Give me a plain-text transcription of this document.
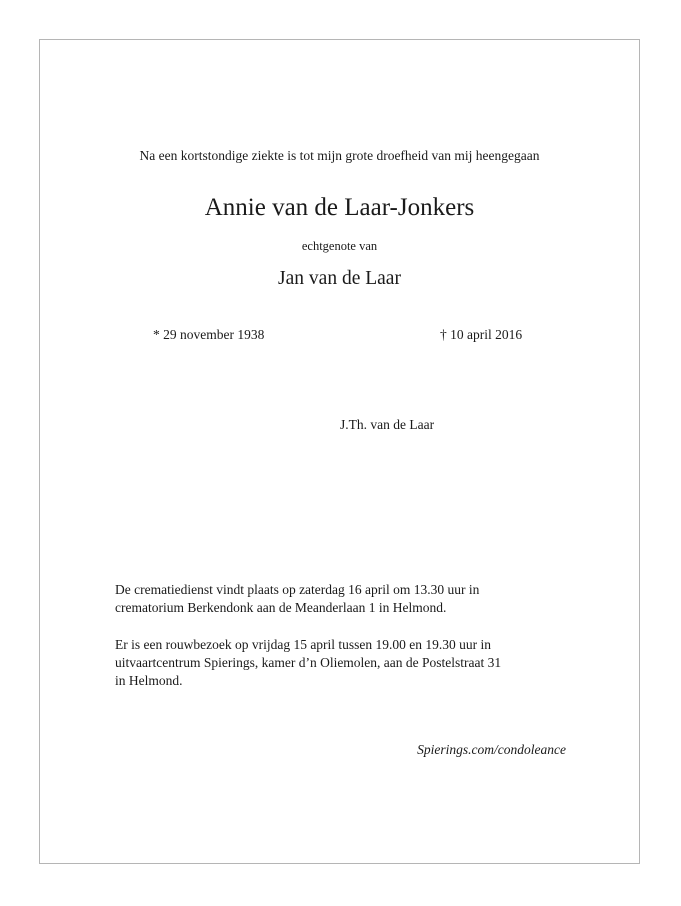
Na een kortstondige ziekte is tot mijn grote droefheid van mij heengegaan
Annie van de Laar-Jonkers
echtgenote van
Jan van de Laar
* 29 november 1938	† 10 april 2016
J.Th. van de Laar
De crematiedienst vindt plaats op zaterdag 16 april om 13.30 uur in
crematorium Berkendonk aan de Meanderlaan 1 in Helmond.
Er is een rouwbezoek op vrijdag 15 april tussen 19.00 en 19.30 uur in
uitvaartcentrum Spierings, kamer d’n Oliemolen, aan de Postelstraat 31
in Helmond.
Spierings.com/condoleance
